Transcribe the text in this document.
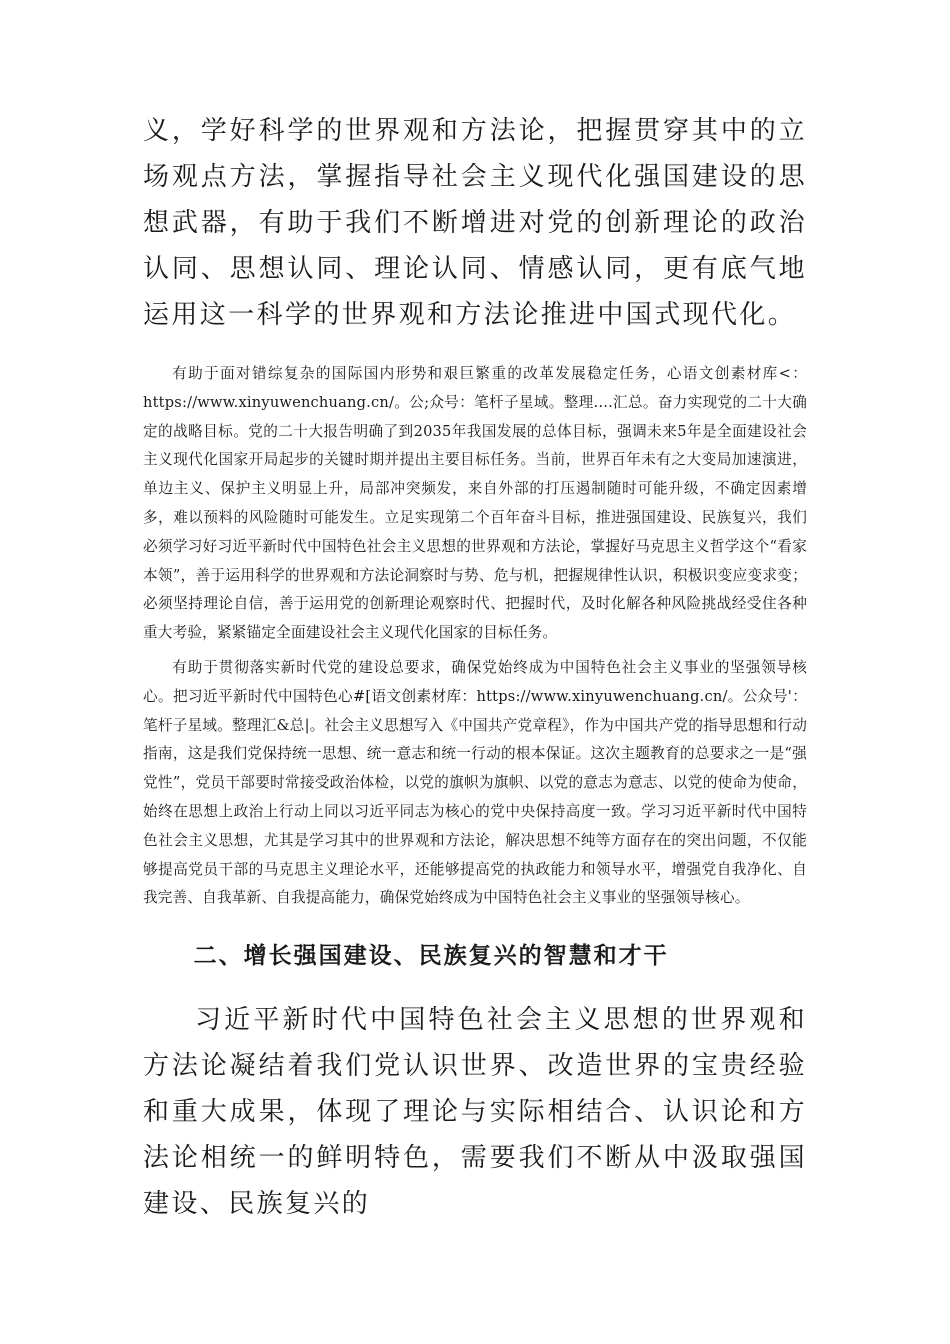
义，学好科学的世界观和方法论，把握贯穿其中的立场观点方法，掌握指导社会主义现代化强国建设的思想武器，有助于我们不断增进对党的创新理论的政治认同、思想认同、理论认同、情感认同，更有底气地运用这一科学的世界观和方法论推进中国式现代化。

有助于面对错综复杂的国际国内形势和艰巨繁重的改革发展稳定任务，心语文创素材库<：https://www.xinyuwenchuang.cn/。公;众号：笔杆子星域。整理....汇总。奋力实现党的二十大确定的战略目标。党的二十大报告明确了到2035年我国发展的总体目标，强调未来5年是全面建设社会主义现代化国家开局起步的关键时期并提出主要目标任务。当前，世界百年未有之大变局加速演进，单边主义、保护主义明显上升，局部冲突频发，来自外部的打压遏制随时可能升级，不确定因素增多，难以预料的风险随时可能发生。立足实现第二个百年奋斗目标，推进强国建设、民族复兴，我们必须学习好习近平新时代中国特色社会主义思想的世界观和方法论，掌握好马克思主义哲学这个“看家本领”，善于运用科学的世界观和方法论洞察时与势、危与机，把握规律性认识，积极识变应变求变；必须坚持理论自信，善于运用党的创新理论观察时代、把握时代，及时化解各种风险挑战经受住各种重大考验，紧紧锚定全面建设社会主义现代化国家的目标任务。

有助于贯彻落实新时代党的建设总要求，确保党始终成为中国特色社会主义事业的坚强领导核心。把习近平新时代中国特色心#[语文创素材库：https://www.xinyuwenchuang.cn/。公众号'：笔杆子星域。整理汇&总|。社会主义思想写入《中国共产党章程》，作为中国共产党的指导思想和行动指南，这是我们党保持统一思想、统一意志和统一行动的根本保证。这次主题教育的总要求之一是“强党性”，党员干部要时常接受政治体检，以党的旗帜为旗帜、以党的意志为意志、以党的使命为使命，始终在思想上政治上行动上同以习近平同志为核心的党中央保持高度一致。学习习近平新时代中国特色社会主义思想，尤其是学习其中的世界观和方法论，解决思想不纯等方面存在的突出问题，不仅能够提高党员干部的马克思主义理论水平，还能够提高党的执政能力和领导水平，增强党自我净化、自我完善、自我革新、自我提高能力，确保党始终成为中国特色社会主义事业的坚强领导核心。

二、增长强国建设、民族复兴的智慧和才干

习近平新时代中国特色社会主义思想的世界观和方法论凝结着我们党认识世界、改造世界的宝贵经验和重大成果，体现了理论与实际相结合、认识论和方法论相统一的鲜明特色，需要我们不断从中汲取强国建设、民族复兴的
